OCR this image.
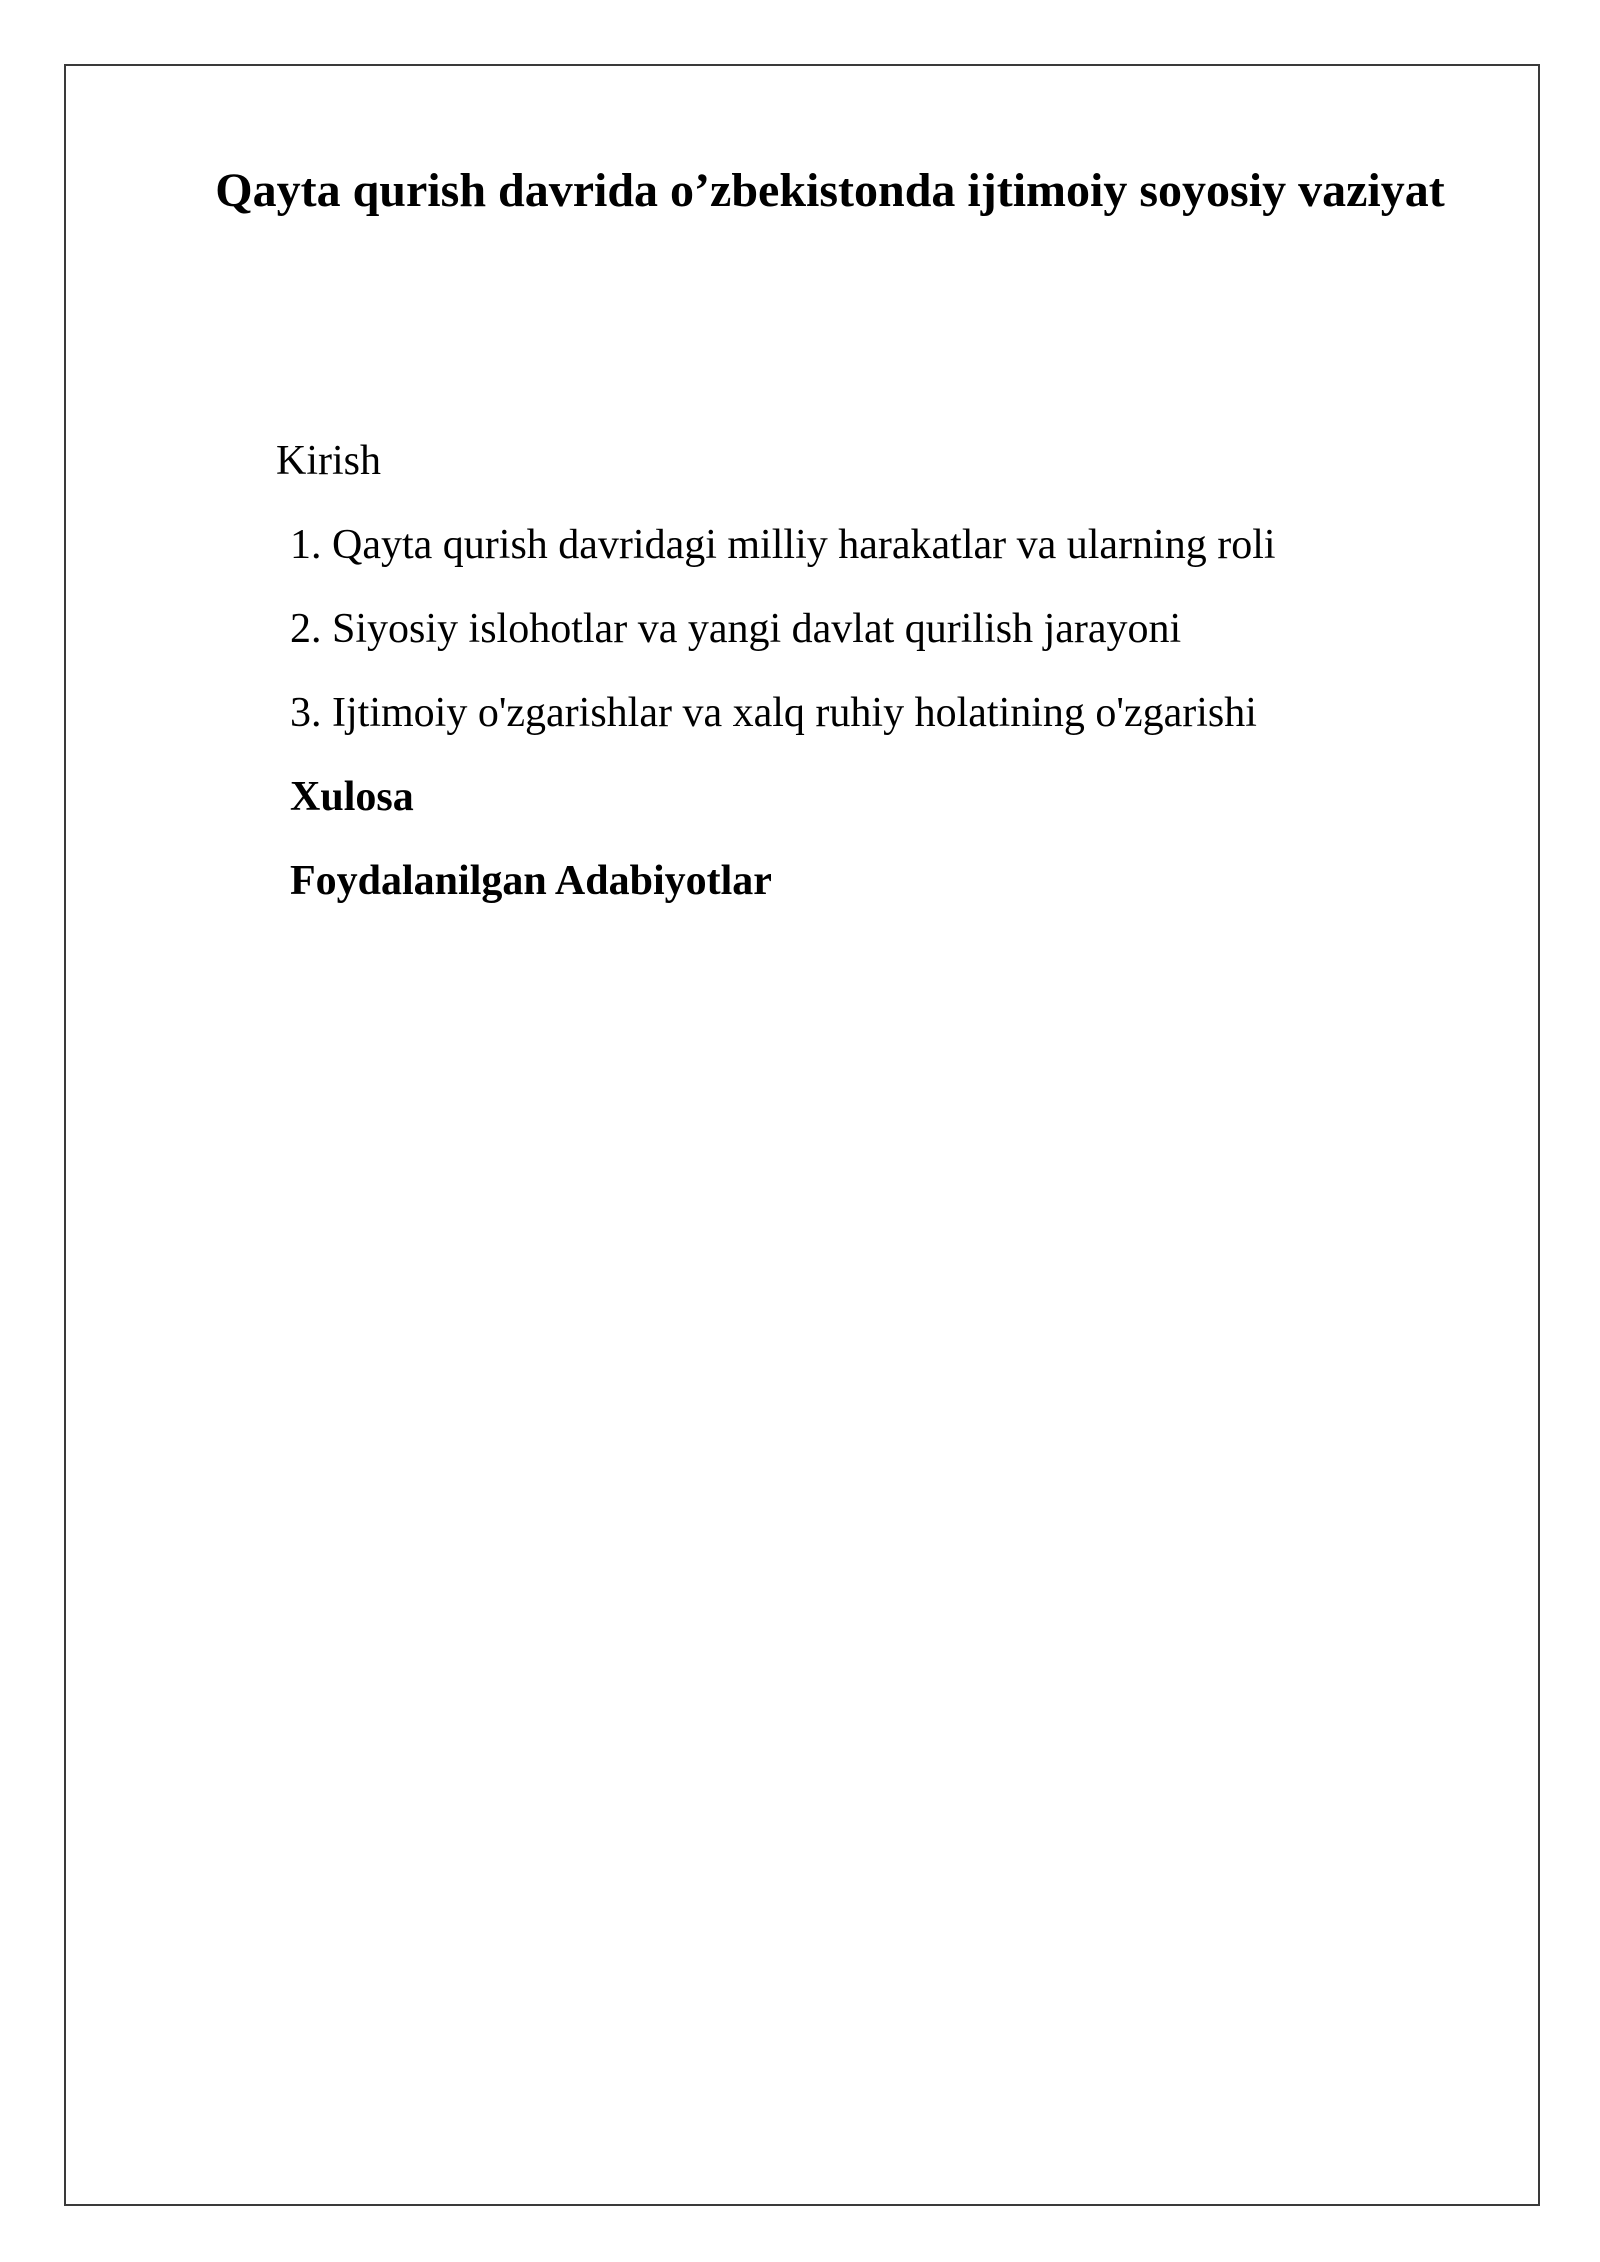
Qayta qurish davrida o’zbekistonda ijtimoiy soyosiy vaziyat
Kirish
1. Qayta qurish davridagi milliy harakatlar va ularning roli
2. Siyosiy islohotlar va yangi davlat qurilish jarayoni
3. Ijtimoiy o'zgarishlar va xalq ruhiy holatining o'zgarishi
Xulosa
Foydalanilgan Adabiyotlar
